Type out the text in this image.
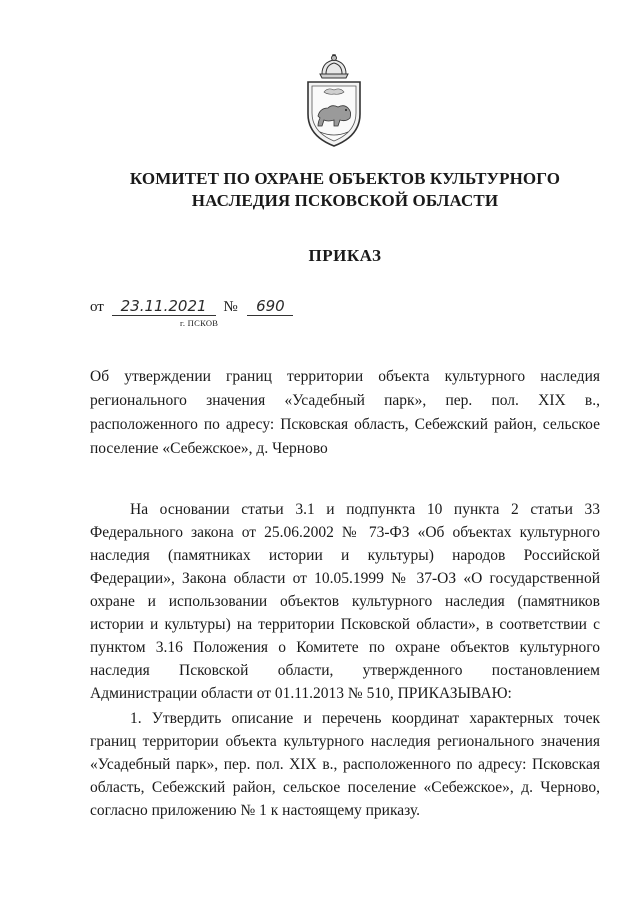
КОМИТЕТ ПО ОХРАНЕ ОБЪЕКТОВ КУЛЬТУРНОГО
НАСЛЕДИЯ ПСКОВСКОЙ ОБЛАСТИ
ПРИКАЗ
от 23.11.2021 № 690
г. ПСКОВ
Об утверждении границ территории объекта культурного наследия регионального значения «Усадебный парк», пер. пол. XIX в., расположенного по адресу: Псковская область, Себежский район, сельское поселение «Себежское», д. Черново

На основании статьи 3.1 и подпункта 10 пункта 2 статьи 33 Федерального закона от 25.06.2002 № 73-ФЗ «Об объектах культурного наследия (памятниках истории и культуры) народов Российской Федерации», Закона области от 10.05.1999 № 37-ОЗ «О государственной охране и использовании объектов культурного наследия (памятников истории и культуры) на территории Псковской области», в соответствии с пунктом 3.16 Положения о Комитете по охране объектов культурного наследия Псковской области, утвержденного постановлением Администрации области от 01.11.2013 № 510, ПРИКАЗЫВАЮ:

1. Утвердить описание и перечень координат характерных точек границ территории объекта культурного наследия регионального значения «Усадебный парк», пер. пол. XIX в., расположенного по адресу: Псковская область, Себежский район, сельское поселение «Себежское», д. Черново, согласно приложению № 1 к настоящему приказу.
